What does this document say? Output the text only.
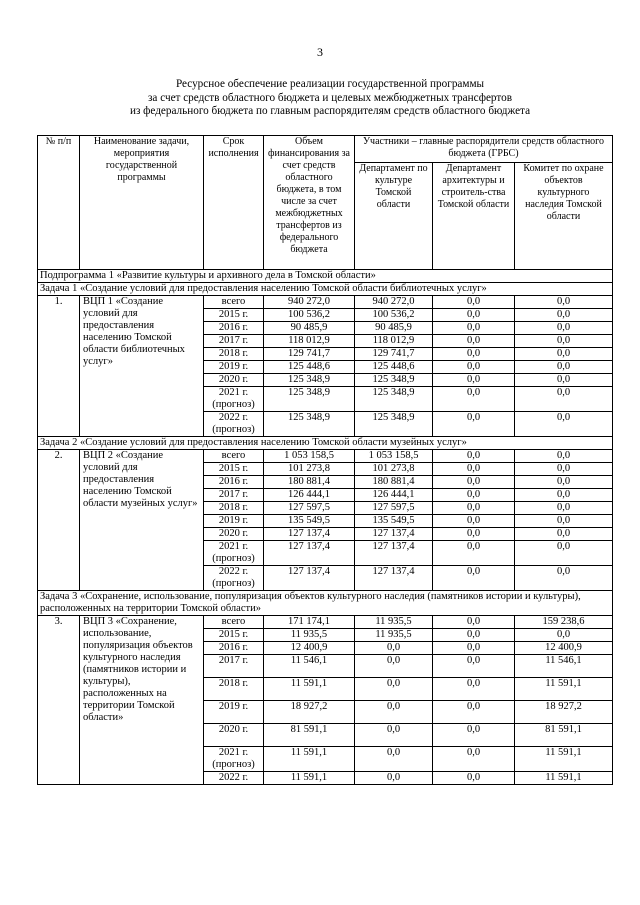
3
Ресурсное обеспечение реализации государственной программы
за счет средств областного бюджета и целевых межбюджетных трансфертов
из федерального бюджета по главным распорядителям средств областного бюджета
№ п/п	Наименование задачи, мероприятия государственной программы	Срок исполнения	Объем финансирования за счет средств областного бюджета, в том числе за счет межбюджетных трансфертов из федерального бюджета	Участники – главные распорядители средств областного бюджета (ГРБС)		
				Департамент по культуре Томской области	Департамент архитектуры и строитель-ства Томской области	Комитет по охране объектов культурного наследия Томской области
Подпрограмма 1 «Развитие культуры и архивного дела в Томской области»						
Задача 1 «Создание условий для предоставления населению Томской области библиотечных услуг»						
1.	ВЦП 1 «Создание условий для предоставления населению Томской области библиотечных услуг»	всего	940 272,0	940 272,0	0,0	0,0
		2015 г.	100 536,2	100 536,2	0,0	0,0
		2016 г.	90 485,9	90 485,9	0,0	0,0
		2017 г.	118 012,9	118 012,9	0,0	0,0
		2018 г.	129 741,7	129 741,7	0,0	0,0
		2019 г.	125 448,6	125 448,6	0,0	0,0
		2020 г.	125 348,9	125 348,9	0,0	0,0
		2021 г. (прогноз)	125 348,9	125 348,9	0,0	0,0
		2022 г. (прогноз)	125 348,9	125 348,9	0,0	0,0
Задача 2 «Создание условий для предоставления населению Томской области музейных услуг»						
2.	ВЦП 2 «Создание условий для предоставления населению Томской области музейных услуг»	всего	1 053 158,5	1 053 158,5	0,0	0,0
		2015 г.	101 273,8	101 273,8	0,0	0,0
		2016 г.	180 881,4	180 881,4	0,0	0,0
		2017 г.	126 444,1	126 444,1	0,0	0,0
		2018 г.	127 597,5	127 597,5	0,0	0,0
		2019 г.	135 549,5	135 549,5	0,0	0,0
		2020 г.	127 137,4	127 137,4	0,0	0,0
		2021 г. (прогноз)	127 137,4	127 137,4	0,0	0,0
		2022 г. (прогноз)	127 137,4	127 137,4	0,0	0,0
Задача 3 «Сохранение, использование, популяризация объектов культурного наследия (памятников истории и культуры), расположенных на территории Томской области»						
3.	ВЦП 3 «Сохранение, использование, популяризация объектов культурного наследия (памятников истории и культуры), расположенных на территории Томской области»	всего	171 174,1	11 935,5	0,0	159 238,6
		2015 г.	11 935,5	11 935,5	0,0	0,0
		2016 г.	12 400,9	0,0	0,0	12 400,9
		2017 г.	11 546,1	0,0	0,0	11 546,1
		2018 г.	11 591,1	0,0	0,0	11 591,1
		2019 г.	18 927,2	0,0	0,0	18 927,2
		2020 г.	81 591,1	0,0	0,0	81 591,1
		2021 г. (прогноз)	11 591,1	0,0	0,0	11 591,1
		2022 г.	11 591,1	0,0	0,0	11 591,1
